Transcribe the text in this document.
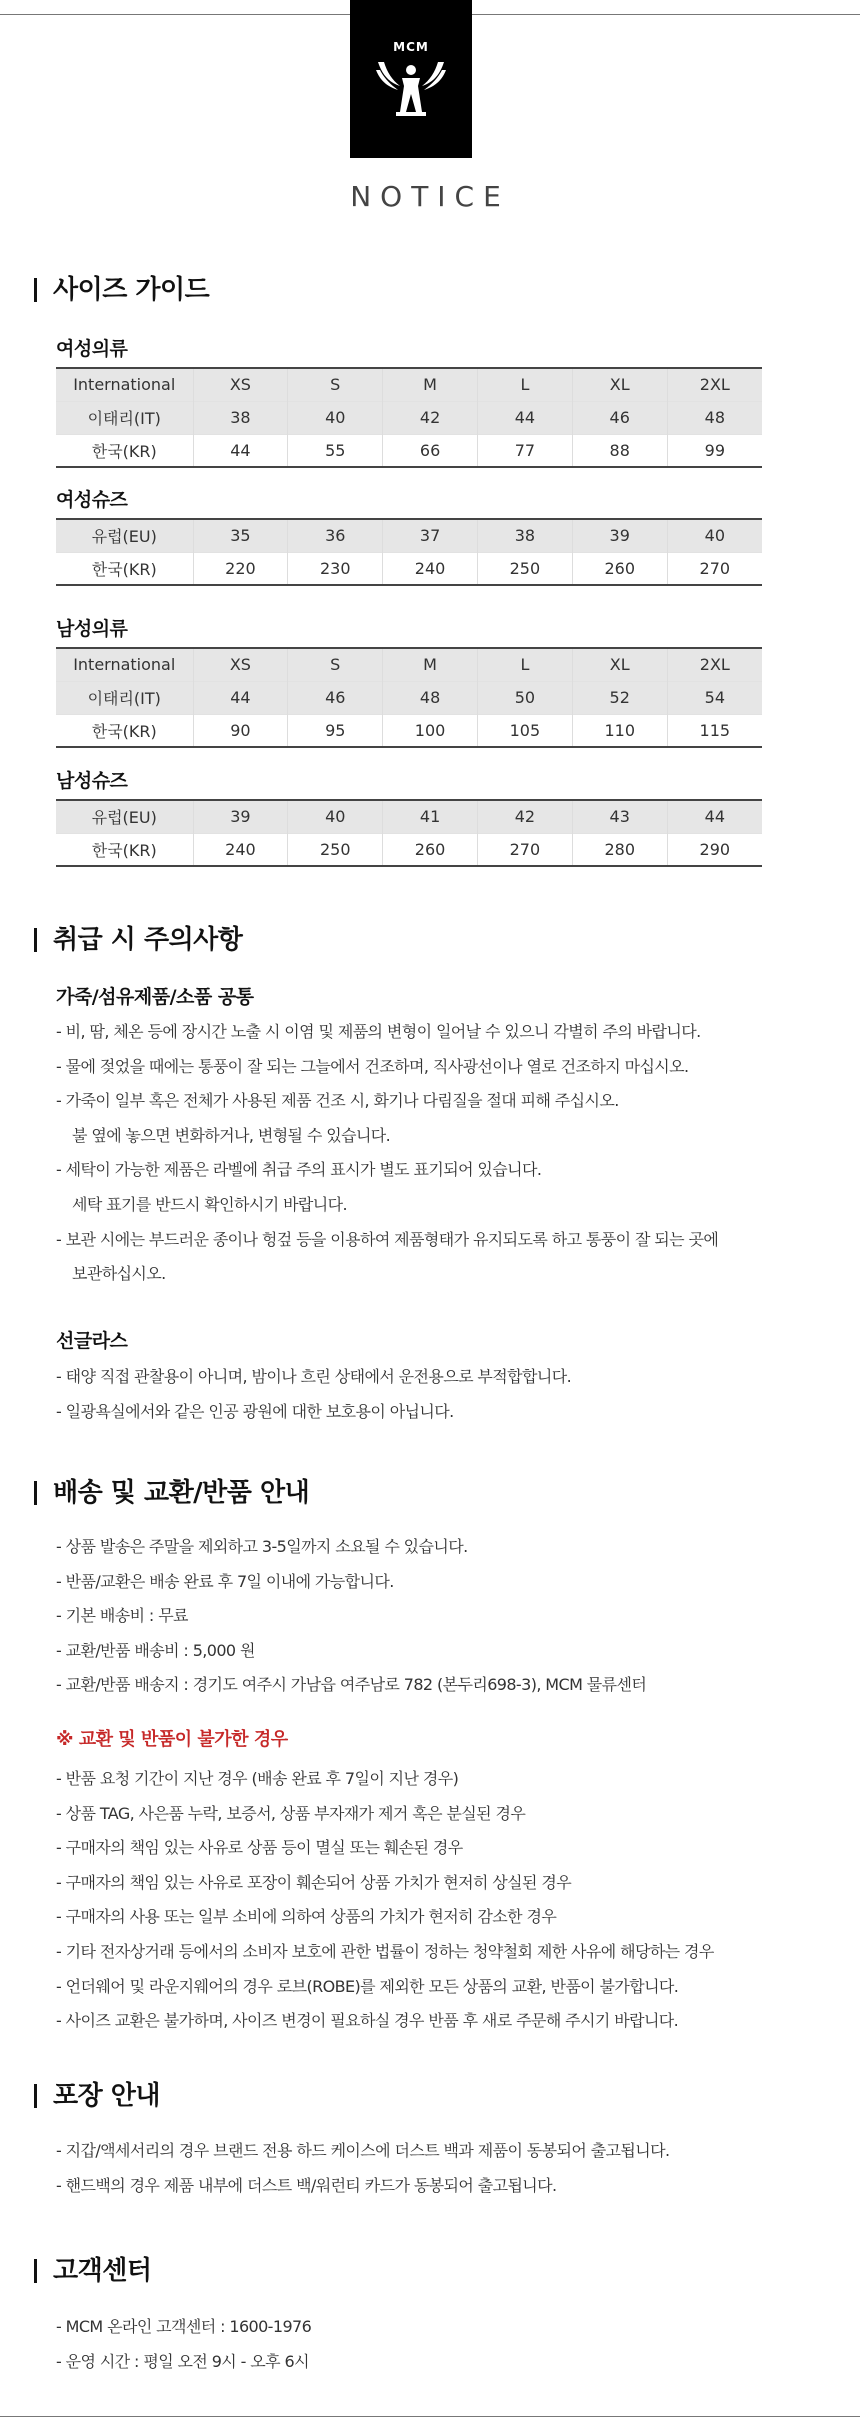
MCM
NOTICE
사이즈 가이드
여성의류
International	XS	S	M	L	XL	2XL
이태리(IT)	38	40	42	44	46	48
한국(KR)	44	55	66	77	88	99
여성슈즈
유럽(EU)	35	36	37	38	39	40
한국(KR)	220	230	240	250	260	270
남성의류
International	XS	S	M	L	XL	2XL
이태리(IT)	44	46	48	50	52	54
한국(KR)	90	95	100	105	110	115
남성슈즈
유럽(EU)	39	40	41	42	43	44
한국(KR)	240	250	260	270	280	290
취급 시 주의사항
가죽/섬유제품/소품 공통
- 비, 땀, 체온 등에 장시간 노출 시 이염 및 제품의 변형이 일어날 수 있으니 각별히 주의 바랍니다.
- 물에 젖었을 때에는 통풍이 잘 되는 그늘에서 건조하며, 직사광선이나 열로 건조하지 마십시오.
- 가죽이 일부 혹은 전체가 사용된 제품 건조 시, 화기나 다림질을 절대 피해 주십시오.
불 옆에 놓으면 변화하거나, 변형될 수 있습니다.
- 세탁이 가능한 제품은 라벨에 취급 주의 표시가 별도 표기되어 있습니다.
세탁 표기를 반드시 확인하시기 바랍니다.
- 보관 시에는 부드러운 종이나 헝겊 등을 이용하여 제품형태가 유지되도록 하고 통풍이 잘 되는 곳에
보관하십시오.
선글라스
- 태양 직접 관찰용이 아니며, 밤이나 흐린 상태에서 운전용으로 부적합합니다.
- 일광욕실에서와 같은 인공 광원에 대한 보호용이 아닙니다.
배송 및 교환/반품 안내
- 상품 발송은 주말을 제외하고 3-5일까지 소요될 수 있습니다.
- 반품/교환은 배송 완료 후 7일 이내에 가능합니다.
- 기본 배송비 : 무료
- 교환/반품 배송비 : 5,000 원
- 교환/반품 배송지 : 경기도 여주시 가남읍 여주남로 782 (본두리698-3), MCM 물류센터
※ 교환 및 반품이 불가한 경우
- 반품 요청 기간이 지난 경우 (배송 완료 후 7일이 지난 경우)
- 상품 TAG, 사은품 누락, 보증서, 상품 부자재가 제거 혹은 분실된 경우
- 구매자의 책임 있는 사유로 상품 등이 멸실 또는 훼손된 경우
- 구매자의 책임 있는 사유로 포장이 훼손되어 상품 가치가 현저히 상실된 경우
- 구매자의 사용 또는 일부 소비에 의하여 상품의 가치가 현저히 감소한 경우
- 기타 전자상거래 등에서의 소비자 보호에 관한 법률이 정하는 청약철회 제한 사유에 해당하는 경우
- 언더웨어 및 라운지웨어의 경우 로브(ROBE)를 제외한 모든 상품의 교환, 반품이 불가합니다.
- 사이즈 교환은 불가하며, 사이즈 변경이 필요하실 경우 반품 후 새로 주문해 주시기 바랍니다.
포장 안내
- 지갑/액세서리의 경우 브랜드 전용 하드 케이스에 더스트 백과 제품이 동봉되어 출고됩니다.
- 핸드백의 경우 제품 내부에 더스트 백/워런티 카드가 동봉되어 출고됩니다.
고객센터
- MCM 온라인 고객센터 : 1600-1976
- 운영 시간 : 평일 오전 9시 - 오후 6시
